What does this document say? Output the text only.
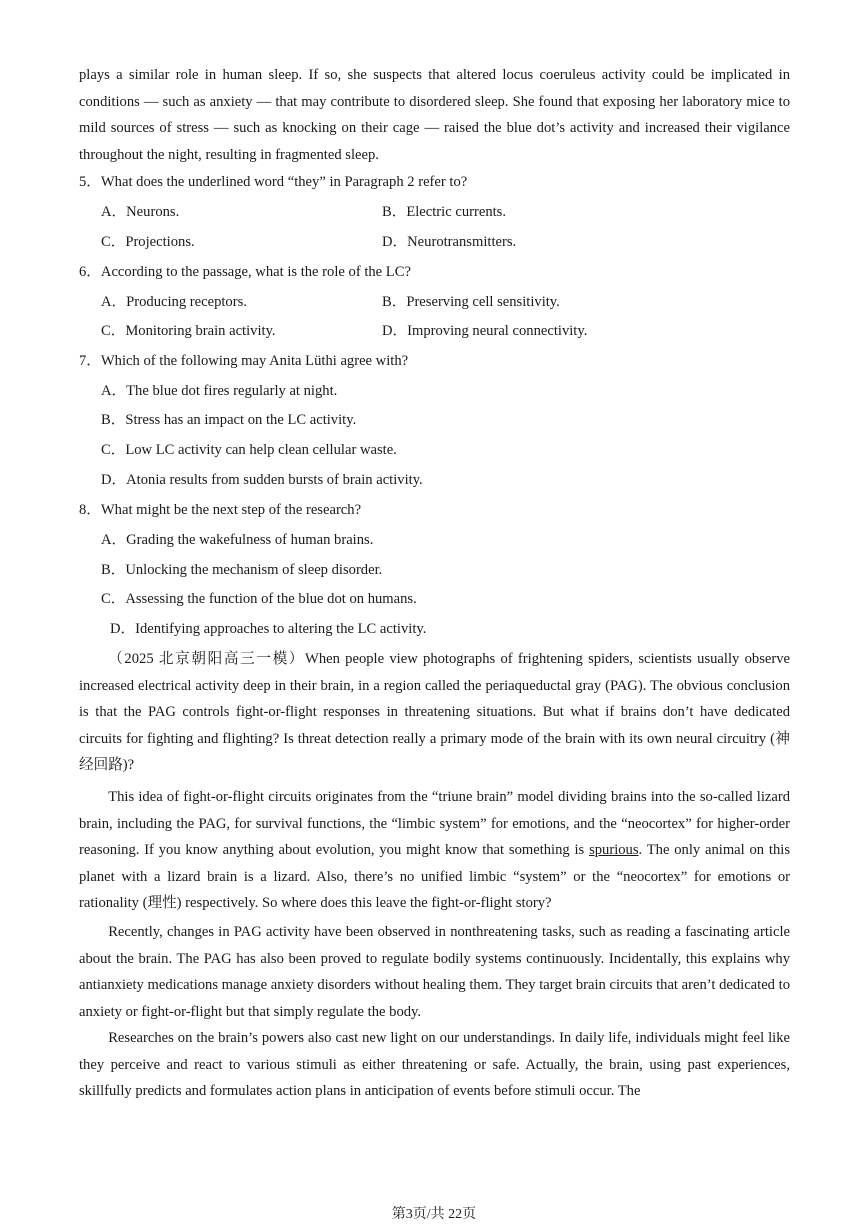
plays a similar role in human sleep. If so, she suspects that altered locus coeruleus activity could be implicated in conditions — such as anxiety — that may contribute to disordered sleep. She found that exposing her laboratory mice to mild sources of stress — such as knocking on their cage — raised the blue dot’s activity and increased their vigilance throughout the night, resulting in fragmented sleep.

5．What does the underlined word “they” in Paragraph 2 refer to?
A．Neurons.	B．Electric currents.
C．Projections.	D．Neurotransmitters.
6．According to the passage, what is the role of the LC?
A．Producing receptors.	B．Preserving cell sensitivity.
C．Monitoring brain activity.	D．Improving neural connectivity.
7．Which of the following may Anita Lüthi agree with?
A．The blue dot fires regularly at night.
B．Stress has an impact on the LC activity.
C．Low LC activity can help clean cellular waste.
D．Atonia results from sudden bursts of brain activity.
8．What might be the next step of the research?
A．Grading the wakefulness of human brains.
B．Unlocking the mechanism of sleep disorder.
C．Assessing the function of the blue dot on humans.
D．Identifying approaches to altering the LC activity.

（2025 北京朝阳高三一模）When people view photographs of frightening spiders, scientists usually observe increased electrical activity deep in their brain, in a region called the periaqueductal gray (PAG). The obvious conclusion is that the PAG controls fight-or-flight responses in threatening situations. But what if brains don’t have dedicated circuits for fighting and flighting? Is threat detection really a primary mode of the brain with its own neural circuitry (神经回路)?

This idea of fight-or-flight circuits originates from the “triune brain” model dividing brains into the so-called lizard brain, including the PAG, for survival functions, the “limbic system” for emotions, and the “neocortex” for higher-order reasoning. If you know anything about evolution, you might know that something is spurious. The only animal on this planet with a lizard brain is a lizard. Also, there’s no unified limbic “system” or the “neocortex” for emotions or rationality (理性) respectively. So where does this leave the fight-or-flight story?

Recently, changes in PAG activity have been observed in nonthreatening tasks, such as reading a fascinating article about the brain. The PAG has also been proved to regulate bodily systems continuously. Incidentally, this explains why antianxiety medications manage anxiety disorders without healing them. They target brain circuits that aren’t dedicated to anxiety or fight-or-flight but that simply regulate the body.

Researches on the brain’s powers also cast new light on our understandings. In daily life, individuals might feel like they perceive and react to various stimuli as either threatening or safe. Actually, the brain, using past experiences, skillfully predicts and formulates action plans in anticipation of events before stimuli occur. The

第3页/共 22页
